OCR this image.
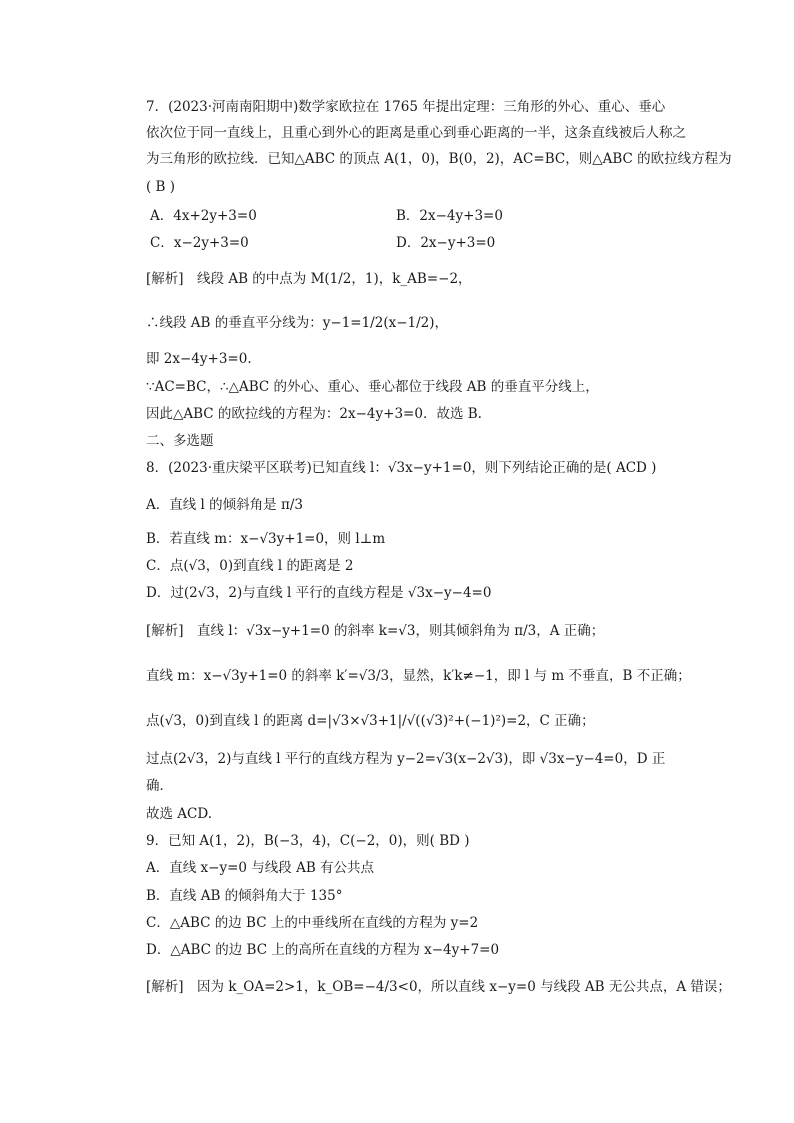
7．(2023·河南南阳期中)数学家欧拉在 1765 年提出定理：三角形的外心、重心、垂心
依次位于同一直线上，且重心到外心的距离是重心到垂心距离的一半，这条直线被后人称之
为三角形的欧拉线．已知△ABC 的顶点 A(1，0)，B(0，2)，AC=BC，则△ABC 的欧拉线方程为
( B )
A．4x+2y+3=0	B．2x−4y+3=0
C．x−2y+3=0	D．2x−y+3=0
[解析]　线段 AB 的中点为 M(1/2，1)，k_AB=−2，
∴线段 AB 的垂直平分线为：y−1=1/2(x−1/2)，
即 2x−4y+3=0.
∵AC=BC，∴△ABC 的外心、重心、垂心都位于线段 AB 的垂直平分线上，
因此△ABC 的欧拉线的方程为：2x−4y+3=0．故选 B.
二、多选题
8．(2023·重庆梁平区联考)已知直线 l：√3x−y+1=0，则下列结论正确的是( ACD )
A．直线 l 的倾斜角是 π/3
B．若直线 m：x−√3y+1=0，则 l⊥m
C．点(√3，0)到直线 l 的距离是 2
D．过(2√3，2)与直线 l 平行的直线方程是 √3x−y−4=0
[解析]　直线 l：√3x−y+1=0 的斜率 k=√3，则其倾斜角为 π/3，A 正确；
直线 m：x−√3y+1=0 的斜率 k′=√3/3，显然，k′k≠−1，即 l 与 m 不垂直，B 不正确；
点(√3，0)到直线 l 的距离 d=|√3×√3+1|/√((√3)²+(−1)²)=2，C 正确；
过点(2√3，2)与直线 l 平行的直线方程为 y−2=√3(x−2√3)，即 √3x−y−4=0，D 正
确．
故选 ACD.
9．已知 A(1，2)，B(−3，4)，C(−2，0)，则( BD )
A．直线 x−y=0 与线段 AB 有公共点
B．直线 AB 的倾斜角大于 135°
C．△ABC 的边 BC 上的中垂线所在直线的方程为 y=2
D．△ABC 的边 BC 上的高所在直线的方程为 x−4y+7=0
[解析]　因为 k_OA=2>1，k_OB=−4/3<0，所以直线 x−y=0 与线段 AB 无公共点，A 错误；
